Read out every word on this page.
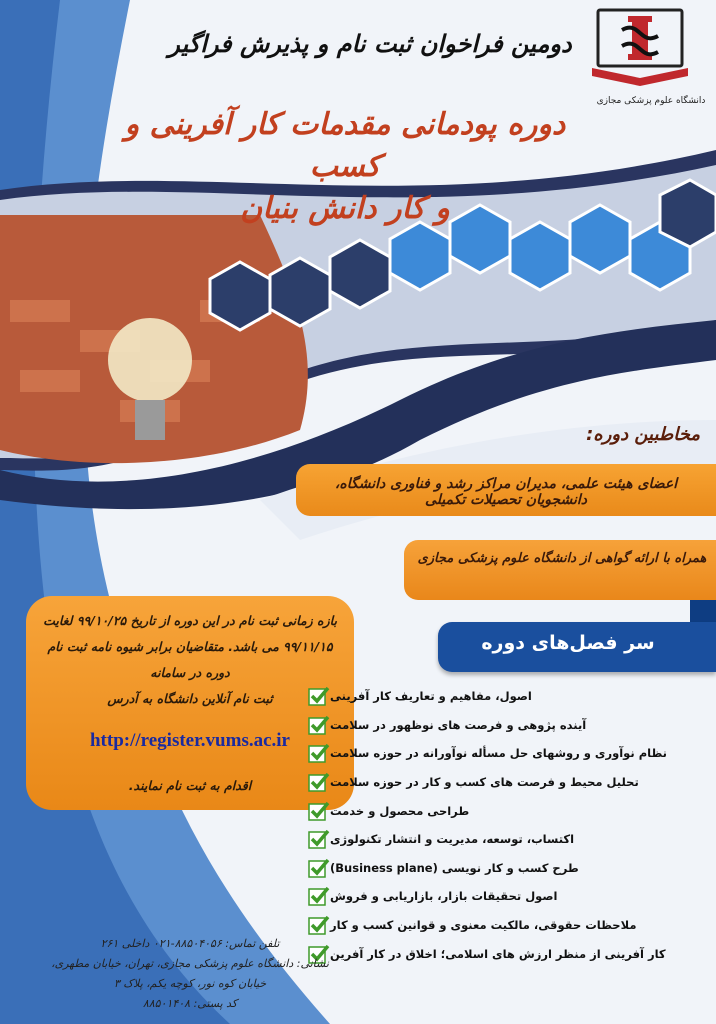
دانشگاه علوم پزشکی مجازی
دومین فراخوان ثبت نام و پذیرش فراگیر
دوره پودمانی مقدمات کار آفرینی و کسب
و کار دانش بنیان
مخاطبین دوره:
اعضای هیئت علمی، مدیران مراکز رشد و فناوری دانشگاه، دانشجویان تحصیلات تکمیلی
همراه با ارائه گواهی از دانشگاه علوم پزشکی مجازی
بازه زمانی ثبت نام در این دوره از تاریخ ۹۹/۱۰/۲۵ لغایت
۹۹/۱۱/۱۵ می باشد. متقاضیان برابر شیوه نامه ثبت نام دوره در سامانه
ثبت نام آنلاین دانشگاه به آدرس
http://register.vums.ac.ir
اقدام به ثبت نام نمایند.
سر فصل‌های دوره
اصول، مفاهیم و تعاریف کار آفرینی
آینده پژوهی و فرصت های نوظهور در سلامت
نظام نوآوری و روشهای حل مسأله نوآورانه در حوزه سلامت
تحلیل محیط و فرصت های کسب و کار در حوزه سلامت
طراحی محصول و خدمت
اکتساب، توسعه، مدیریت و انتشار تکنولوژی
طرح کسب و کار نویسی (Business plane)
اصول تحقیقات بازار، بازاریابی و فروش
ملاحظات حقوقی، مالکیت معنوی و قوانین کسب و کار
کار آفرینی از منظر ارزش های اسلامی؛ اخلاق در کار آفرین
تلفن تماس: ۸۸۵۰۴۰۵۶-۰۲۱ داخلی ۲۶۱
نشانی: دانشگاه علوم پزشکی مجازی، تهران، خیابان مطهری، خیابان کوه نور، کوچه یکم، پلاک ۳
کد پستی: ۸۸۵۰۱۴۰۸
